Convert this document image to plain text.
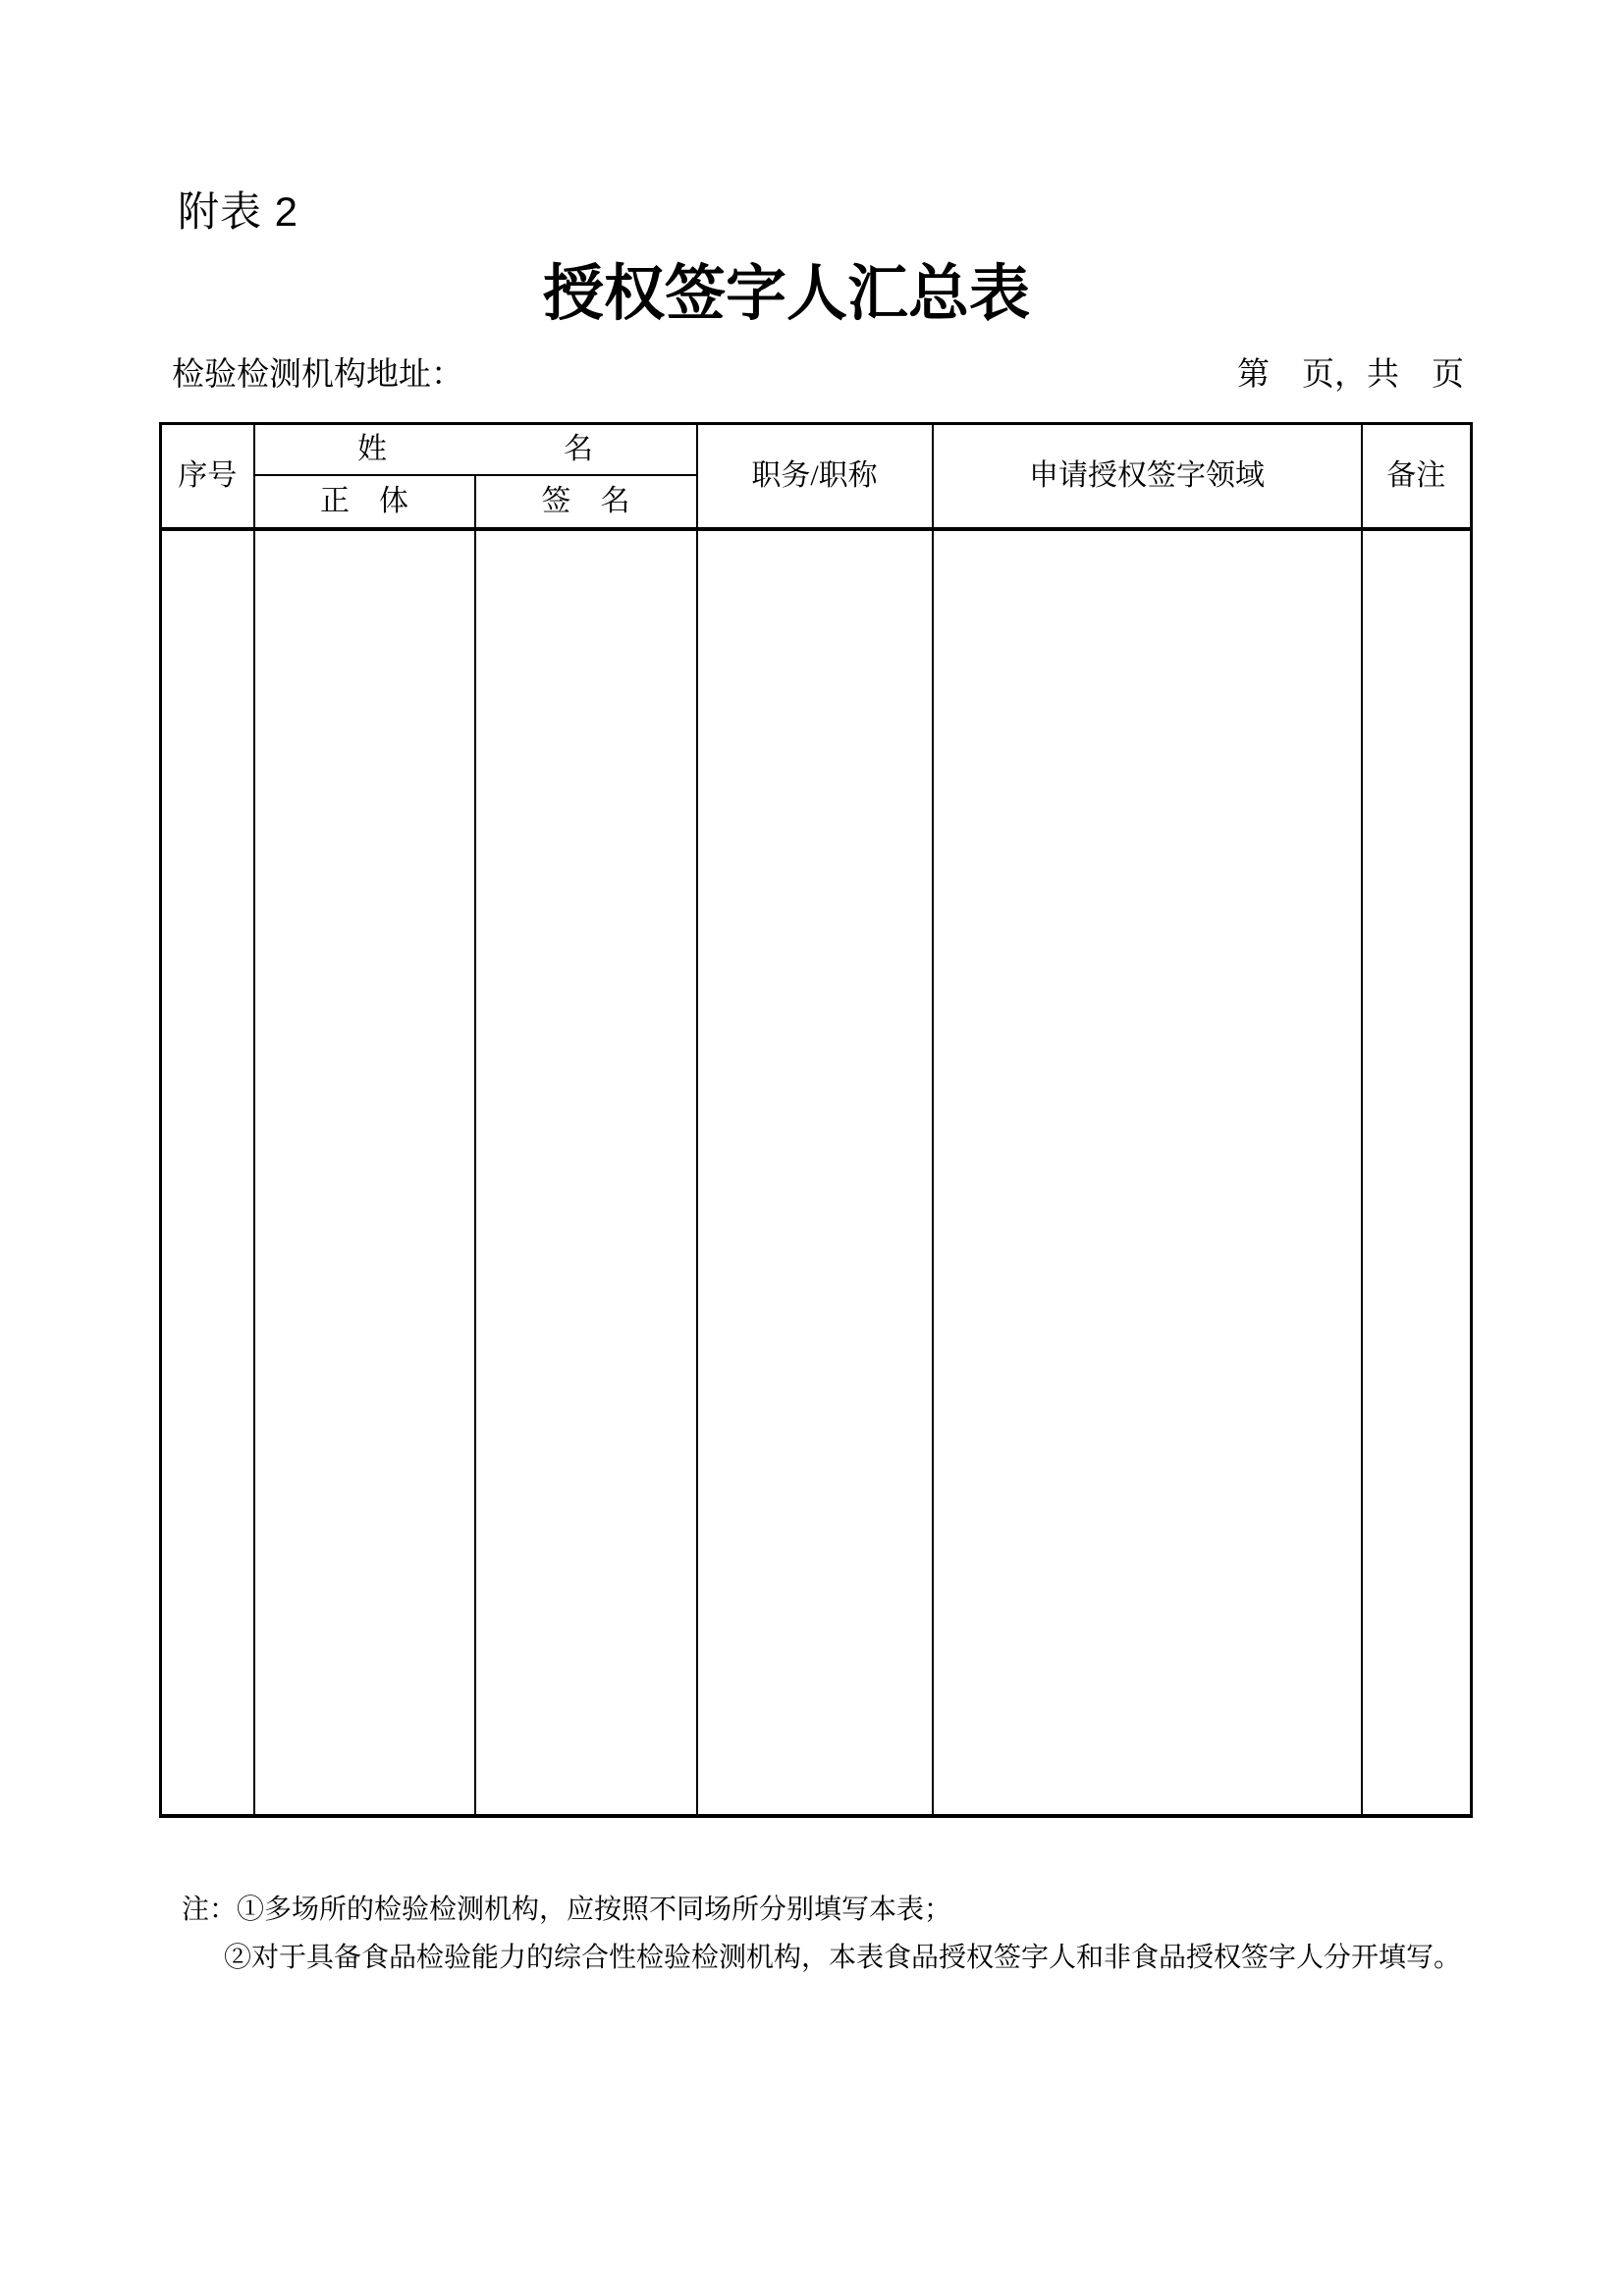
附表 2
授权签字人汇总表
检验检测机构地址：	第　页，共　页
序号	姓　　　　　　名		职务/职称	申请授权签字领域	备注
	正　体	签　名			

注：①多场所的检验检测机构，应按照不同场所分别填写本表；
②对于具备食品检验能力的综合性检验检测机构，本表食品授权签字人和非食品授权签字人分开填写。
